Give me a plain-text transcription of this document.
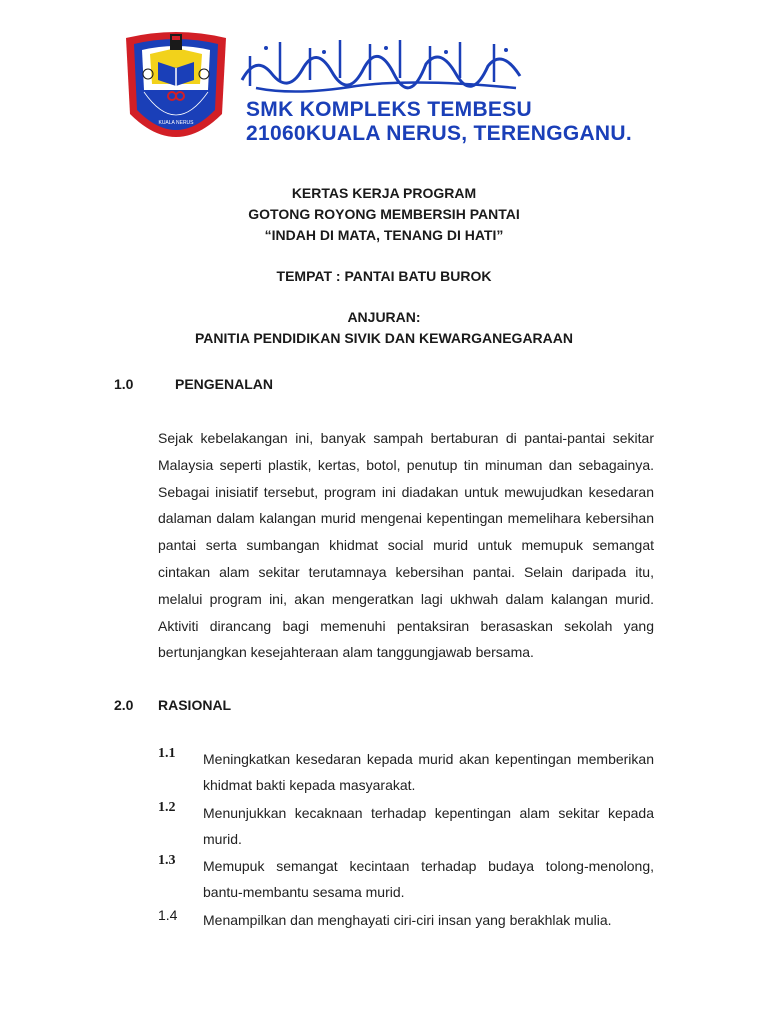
KUALA NERUS
SMK KOMPLEKS TEMBESU
21060KUALA NERUS, TERENGGANU.
KERTAS KERJA PROGRAM
GOTONG ROYONG MEMBERSIH PANTAI
“INDAH DI MATA, TENANG DI HATI”
TEMPAT : PANTAI BATU BUROK
ANJURAN:
PANITIA PENDIDIKAN SIVIK DAN KEWARGANEGARAAN
1.0	PENGENALAN
Sejak kebelakangan ini, banyak sampah bertaburan di pantai-pantai sekitar Malaysia seperti plastik, kertas, botol, penutup tin minuman dan sebagainya. Sebagai inisiatif tersebut, program ini diadakan untuk mewujudkan kesedaran dalaman dalam kalangan murid mengenai kepentingan memelihara kebersihan pantai serta sumbangan khidmat social murid untuk memupuk semangat cintakan alam sekitar terutamnaya kebersihan pantai. Selain daripada itu, melalui program ini, akan mengeratkan lagi ukhwah dalam kalangan murid. Aktiviti dirancang bagi memenuhi pentaksiran berasaskan sekolah yang bertunjangkan kesejahteraan alam tanggungjawab bersama.
2.0 RASIONAL
1.1 Meningkatkan kesedaran kepada murid akan kepentingan memberikan khidmat bakti kepada masyarakat.
1.2 Menunjukkan kecaknaan terhadap kepentingan alam sekitar kepada murid.
1.3 Memupuk semangat kecintaan terhadap budaya tolong-menolong, bantu-membantu sesama murid.
1.4 Menampilkan dan menghayati ciri-ciri insan yang berakhlak mulia.
